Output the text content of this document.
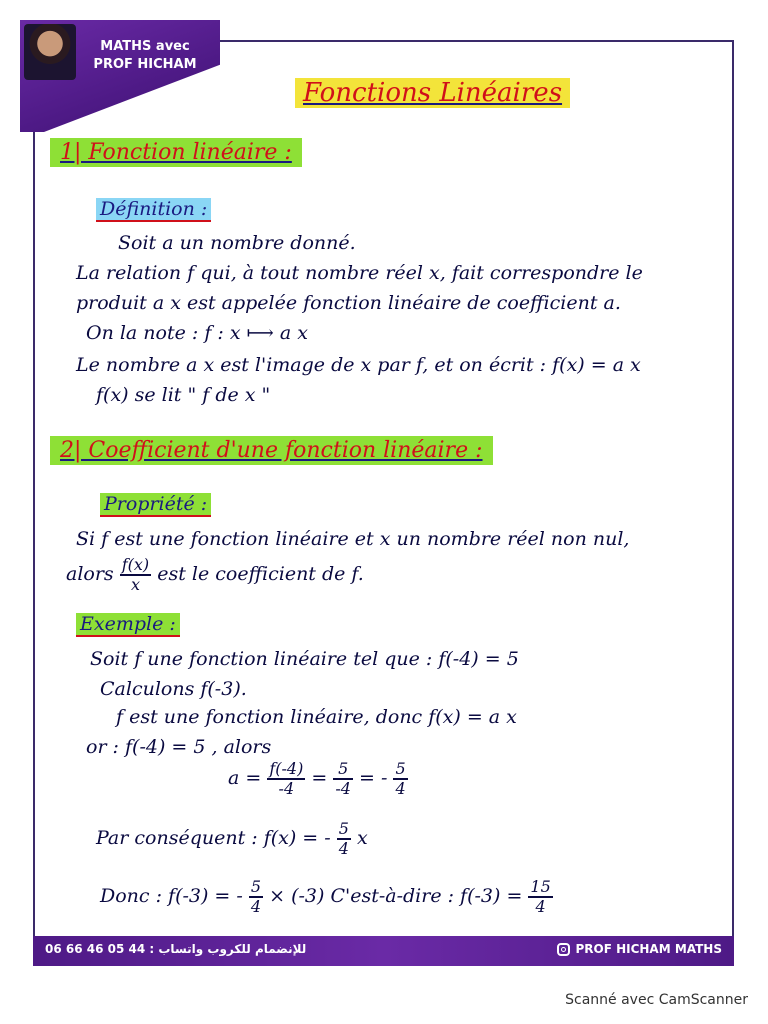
MATHS avec
PROF HICHAM
Fonctions Linéaires
1| Fonction linéaire :
Définition :
Soit a un nombre donné.
La relation f qui, à tout nombre réel x, fait correspondre le
produit a x est appelée fonction linéaire de coefficient a.
On la note : f : x ⟼ a x
Le nombre a x est l'image de x par f, et on écrit : f(x) = a x
f(x) se lit " f de x "
2| Coefficient d'une fonction linéaire :
Propriété :
Si f est une fonction linéaire et x un nombre réel non nul,
alors $\frac{f(x)}{x}$ est le coefficient de f.
Exemple :
Soit f une fonction linéaire tel que : f(-4) = 5
Calculons f(-3).
f est une fonction linéaire, donc f(x) = a x
or : f(-4) = 5 , alors
$a = \frac{f(-4)}{-4} = \frac{5}{-4}$ = - $\frac{5}{4}$
Par conséquent : f(x) = - $\frac{5}{4}$ x
Donc : f(-3) = - $\frac{5}{4} \times (-3)$ C'est-à-dire : $f(-3) = \frac{15}{4}$
06 66 46 05 44 : للإنضمام للكروب واتساب	PROF HICHAM MATHS
Scanné avec CamScanner
